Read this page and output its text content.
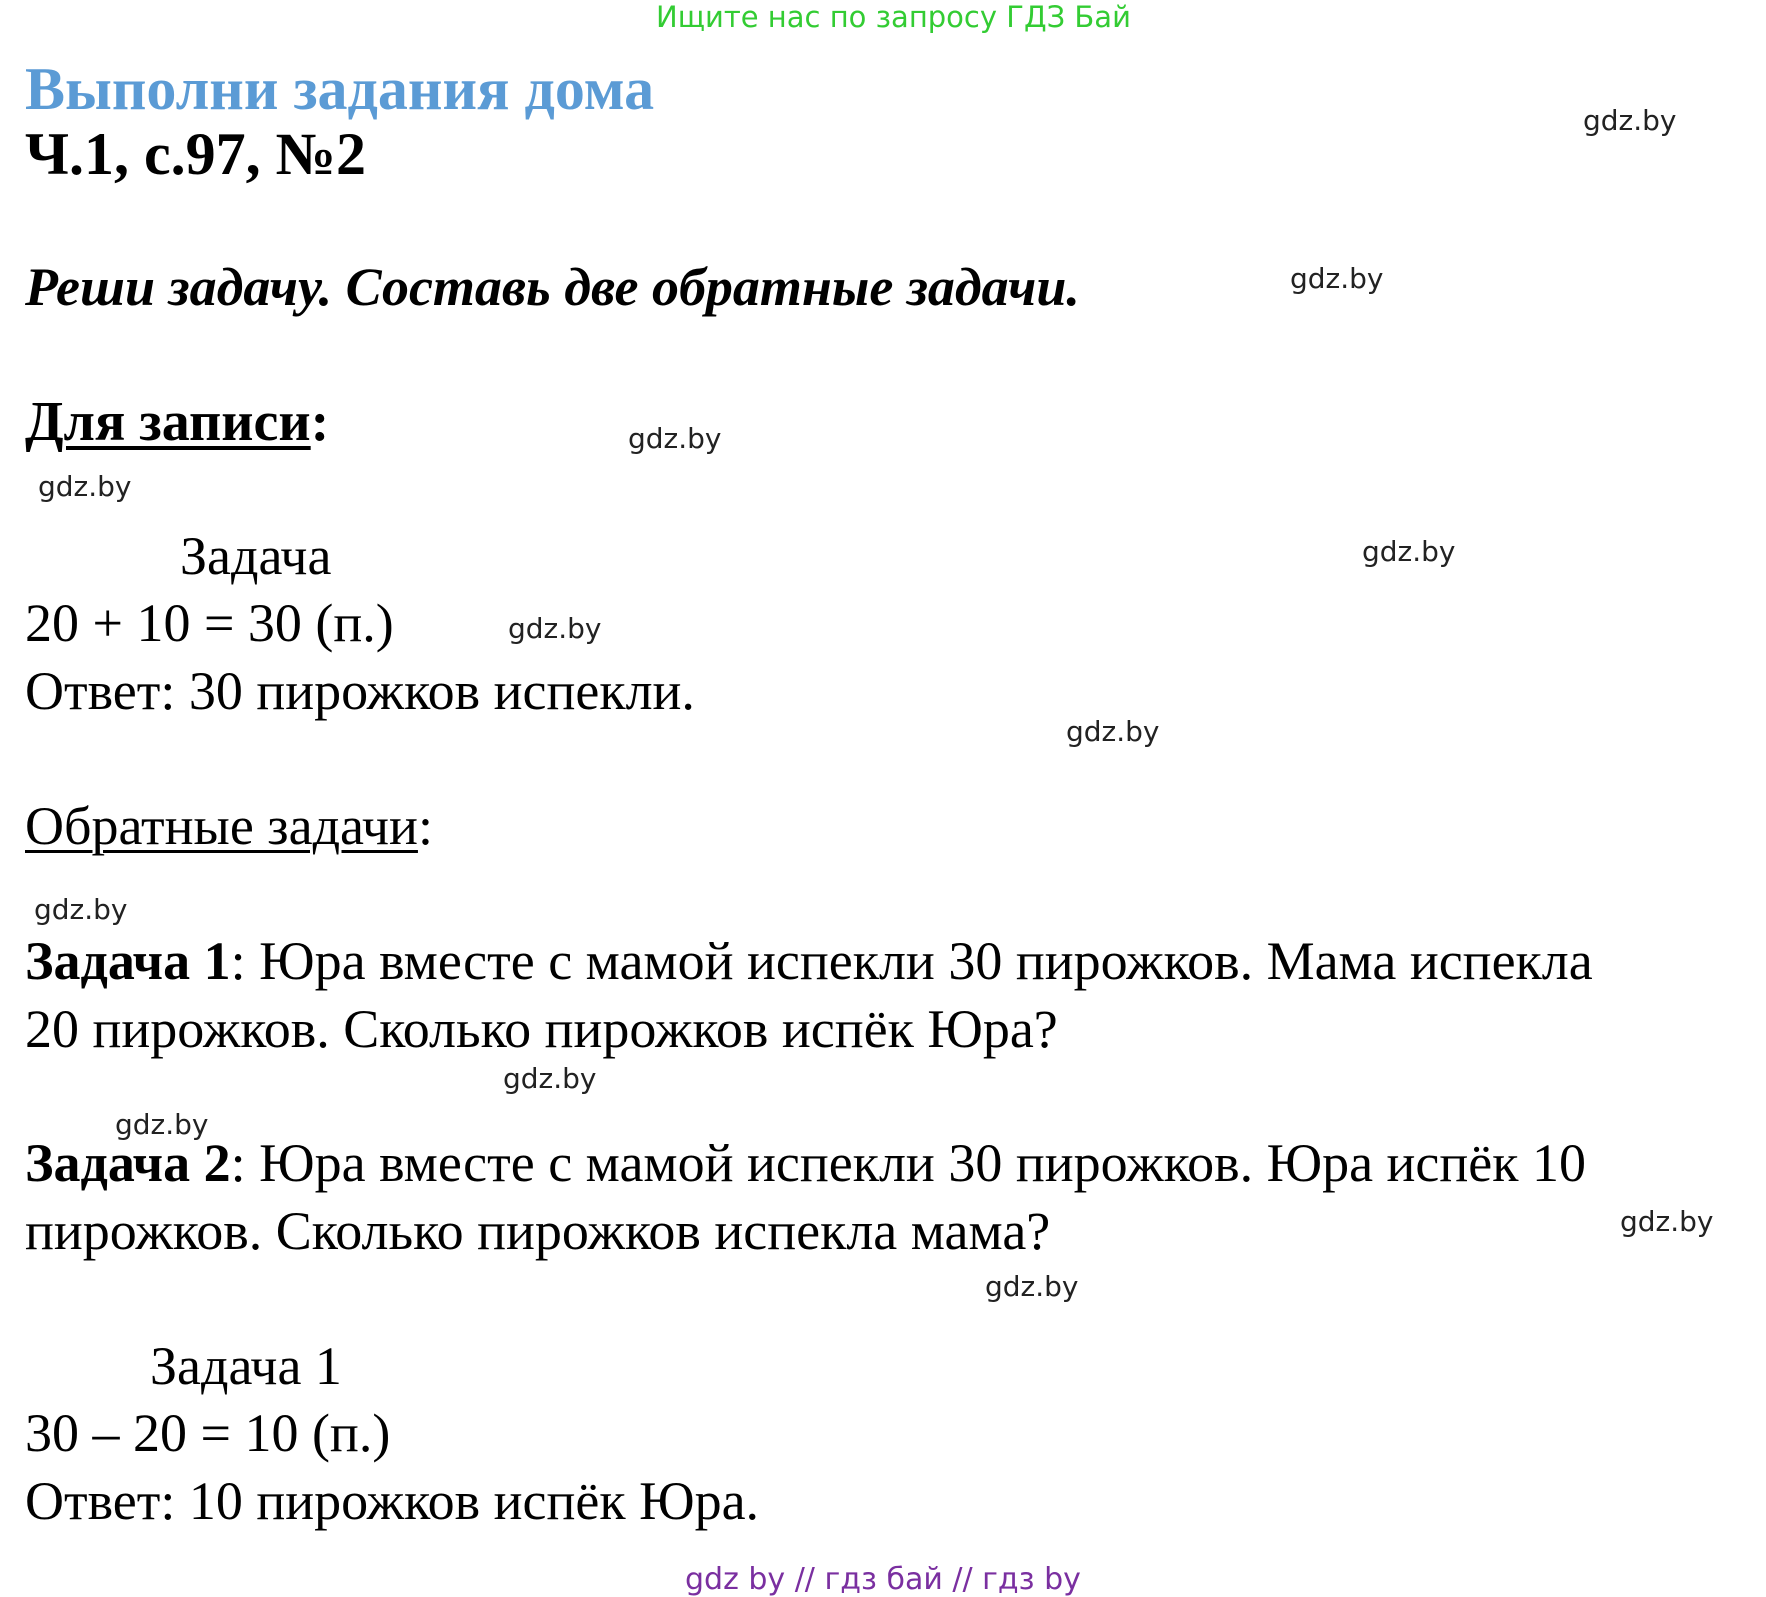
Ищите нас по запросу ГДЗ Бай
Выполни задания дома
Ч.1, с.97, №2
Реши задачу. Составь две обратные задачи.
Для записи:
Задача
20 + 10 = 30 (п.)
Ответ: 30 пирожков испекли.
Обратные задачи:
Задача 1: Юра вместе с мамой испекли 30 пирожков. Мама испекла
20 пирожков. Сколько пирожков испёк Юра?
Задача 2: Юра вместе с мамой испекли 30 пирожков. Юра испёк 10
пирожков. Сколько пирожков испекла мама?
Задача 1
30 – 20 = 10 (п.)
Ответ: 10 пирожков испёк Юра.
gdz.by
gdz.by
gdz.by
gdz.by
gdz.by
gdz.by
gdz.by
gdz.by
gdz.by
gdz.by
gdz.by
gdz.by
gdz by // гдз бай // гдз by
